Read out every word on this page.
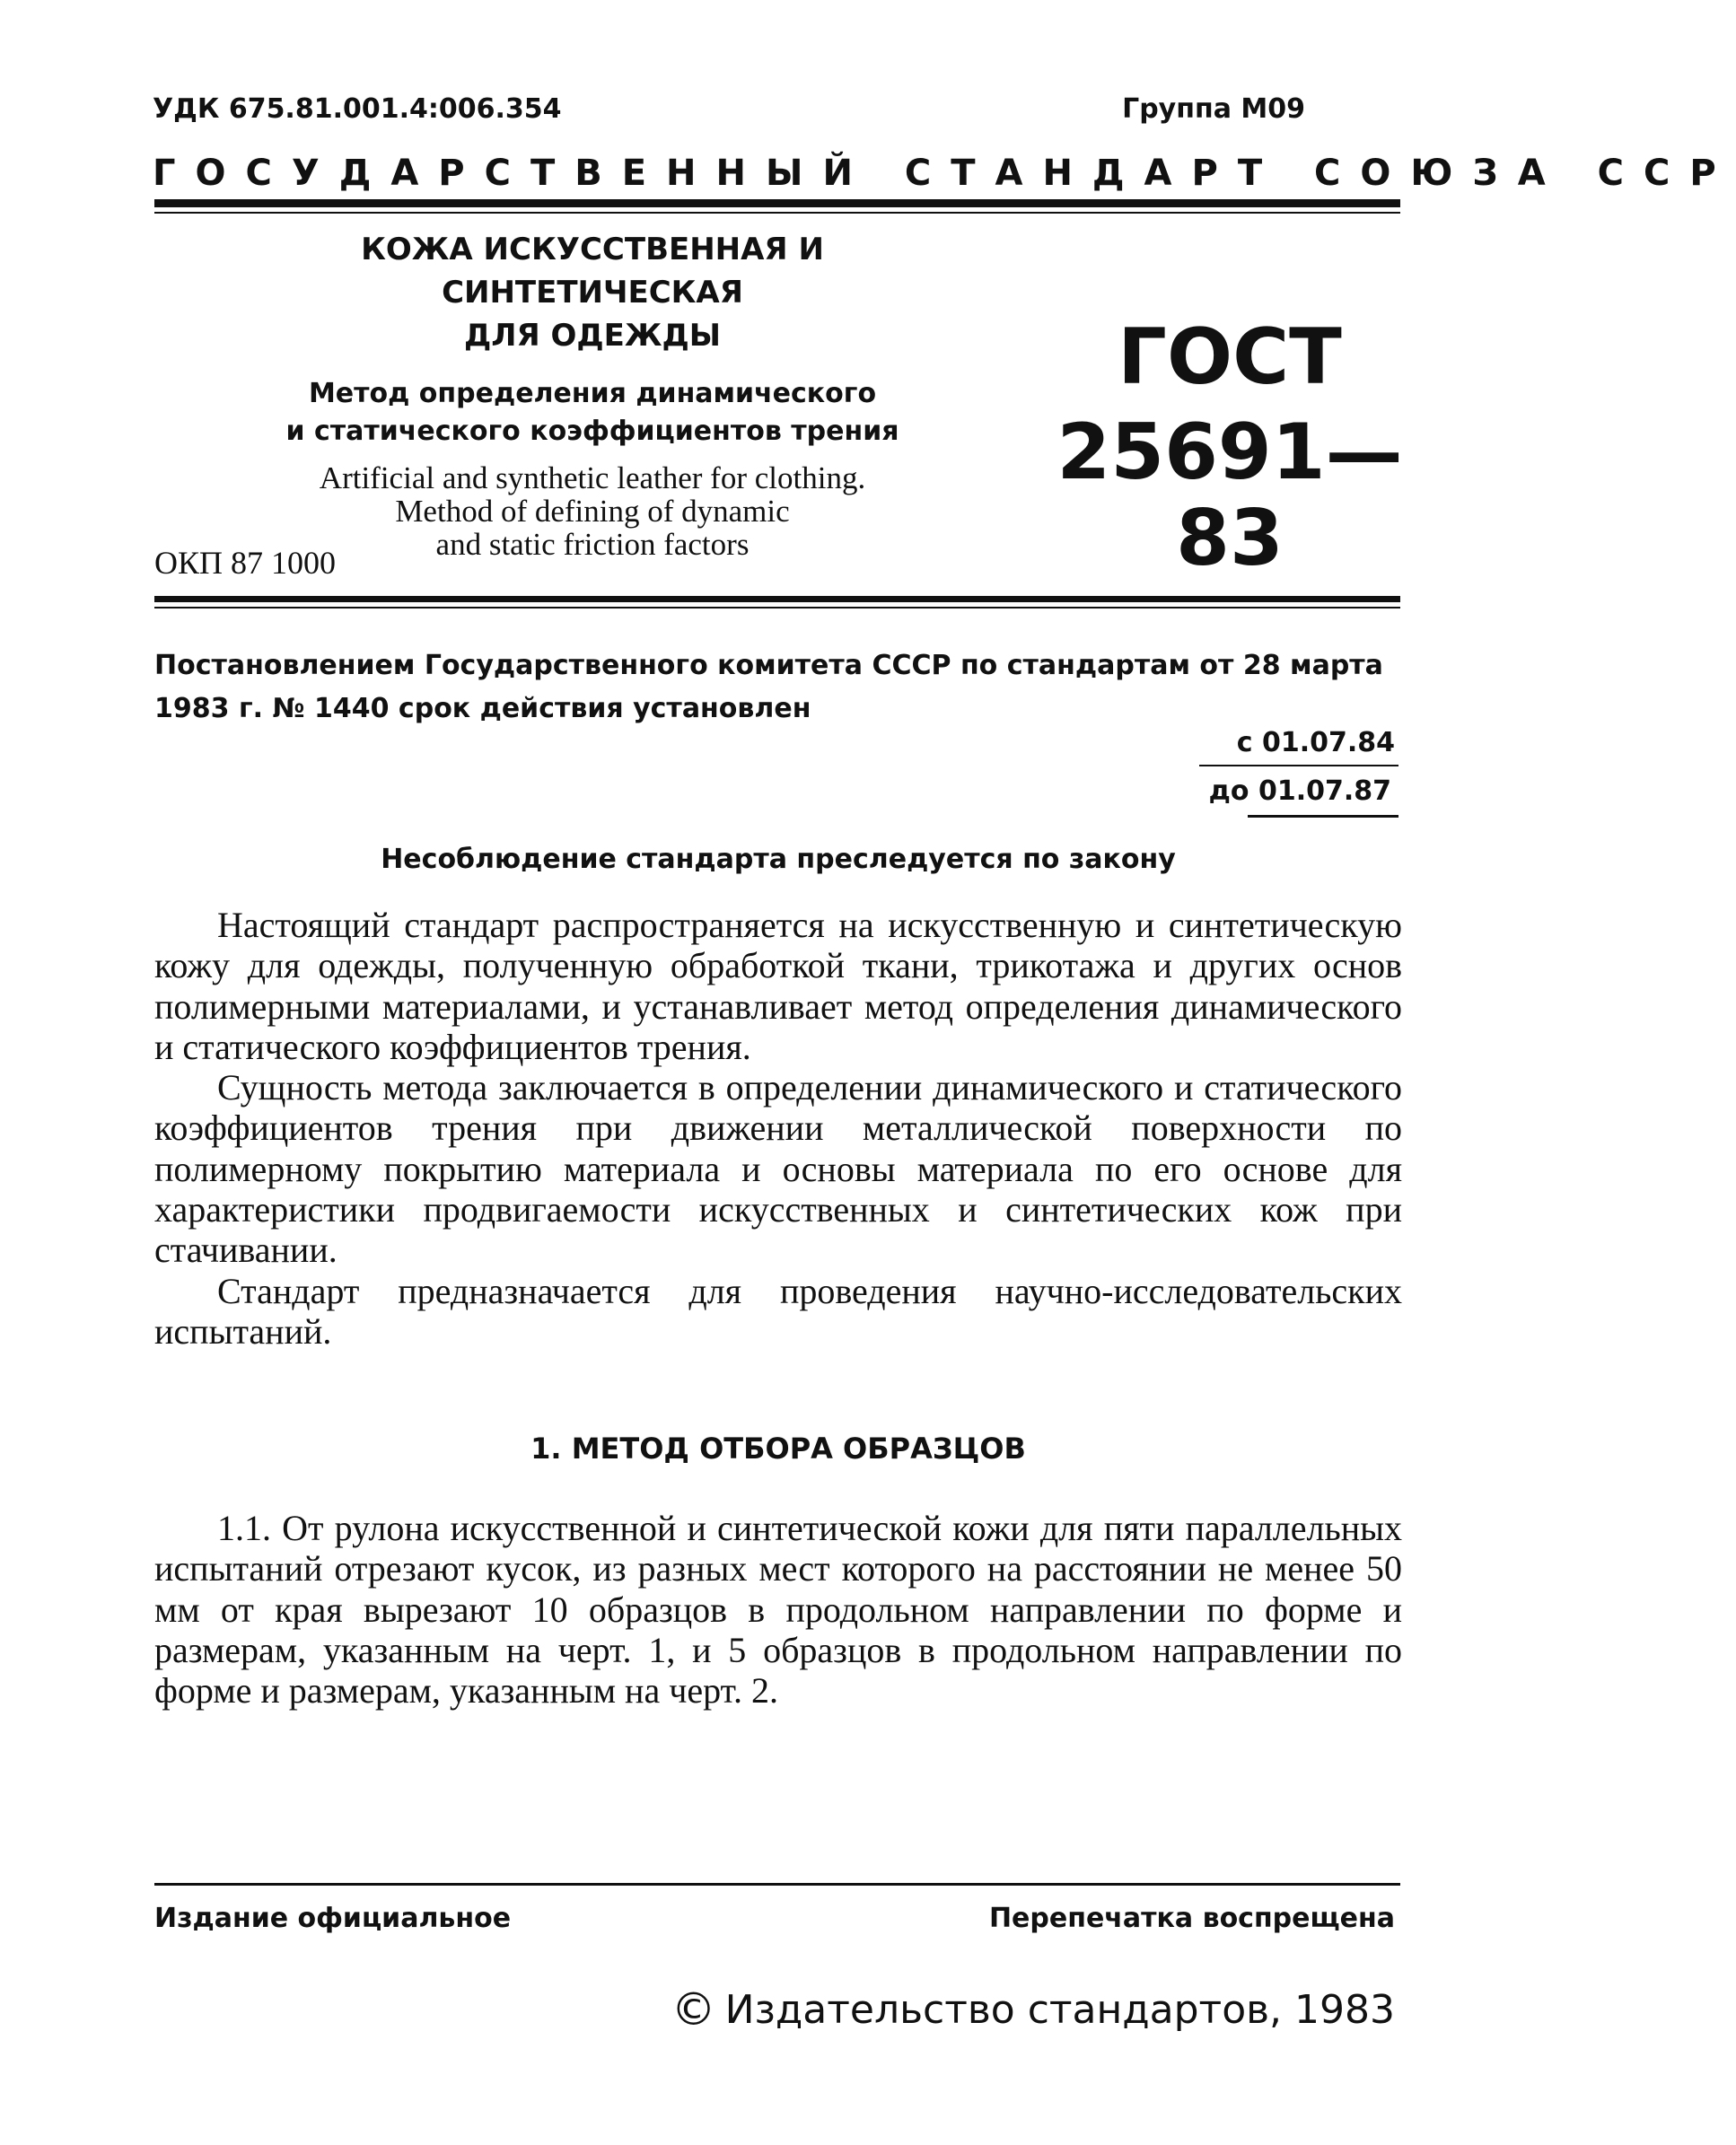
УДК 675.81.001.4:006.354	Группа М09
ГОСУДАРСТВЕННЫЙ СТАНДАРТ СОЮЗА ССР
КОЖА ИСКУССТВЕННАЯ И СИНТЕТИЧЕСКАЯ
ДЛЯ ОДЕЖДЫ
Метод определения динамического
и статического коэффициентов трения
Artificial and synthetic leather for clothing.
Method of defining of dynamic
and static friction factors
ГОСТ
25691—83
ОКП 87 1000

Постановлением Государственного комитета СССР по стандартам от 28 марта

1983 г. № 1440 срок действия установлен

с 01.07.84
до 01.07.87
Несоблюдение стандарта преследуется по закону

Настоящий стандарт распространяется на искусственную и синтетическую кожу для одежды, полученную обработкой ткани, трикотажа и других основ полимерными материалами, и устанавливает метод определения динамического и статического коэффициентов трения.

Сущность метода заключается в определении динамического и статического коэффициентов трения при движении металлической поверхности по полимерному покрытию материала и основы материала по его основе для характеристики продвигаемости искусственных и синтетических кож при стачивании.

Стандарт предназначается для проведения научно-исследовательских испытаний.

1. МЕТОД ОТБОРА ОБРАЗЦОВ

1.1. От рулона искусственной и синтетической кожи для пяти параллельных испытаний отрезают кусок, из разных мест которого на расстоянии не менее 50 мм от края вырезают 10 образцов в продольном направлении по форме и размерам, указанным на черт. 1, и 5 образцов в продольном направлении по форме и размерам, указанным на черт. 2.

Издание официальное	Перепечатка воспрещена
© Издательство стандартов, 1983
